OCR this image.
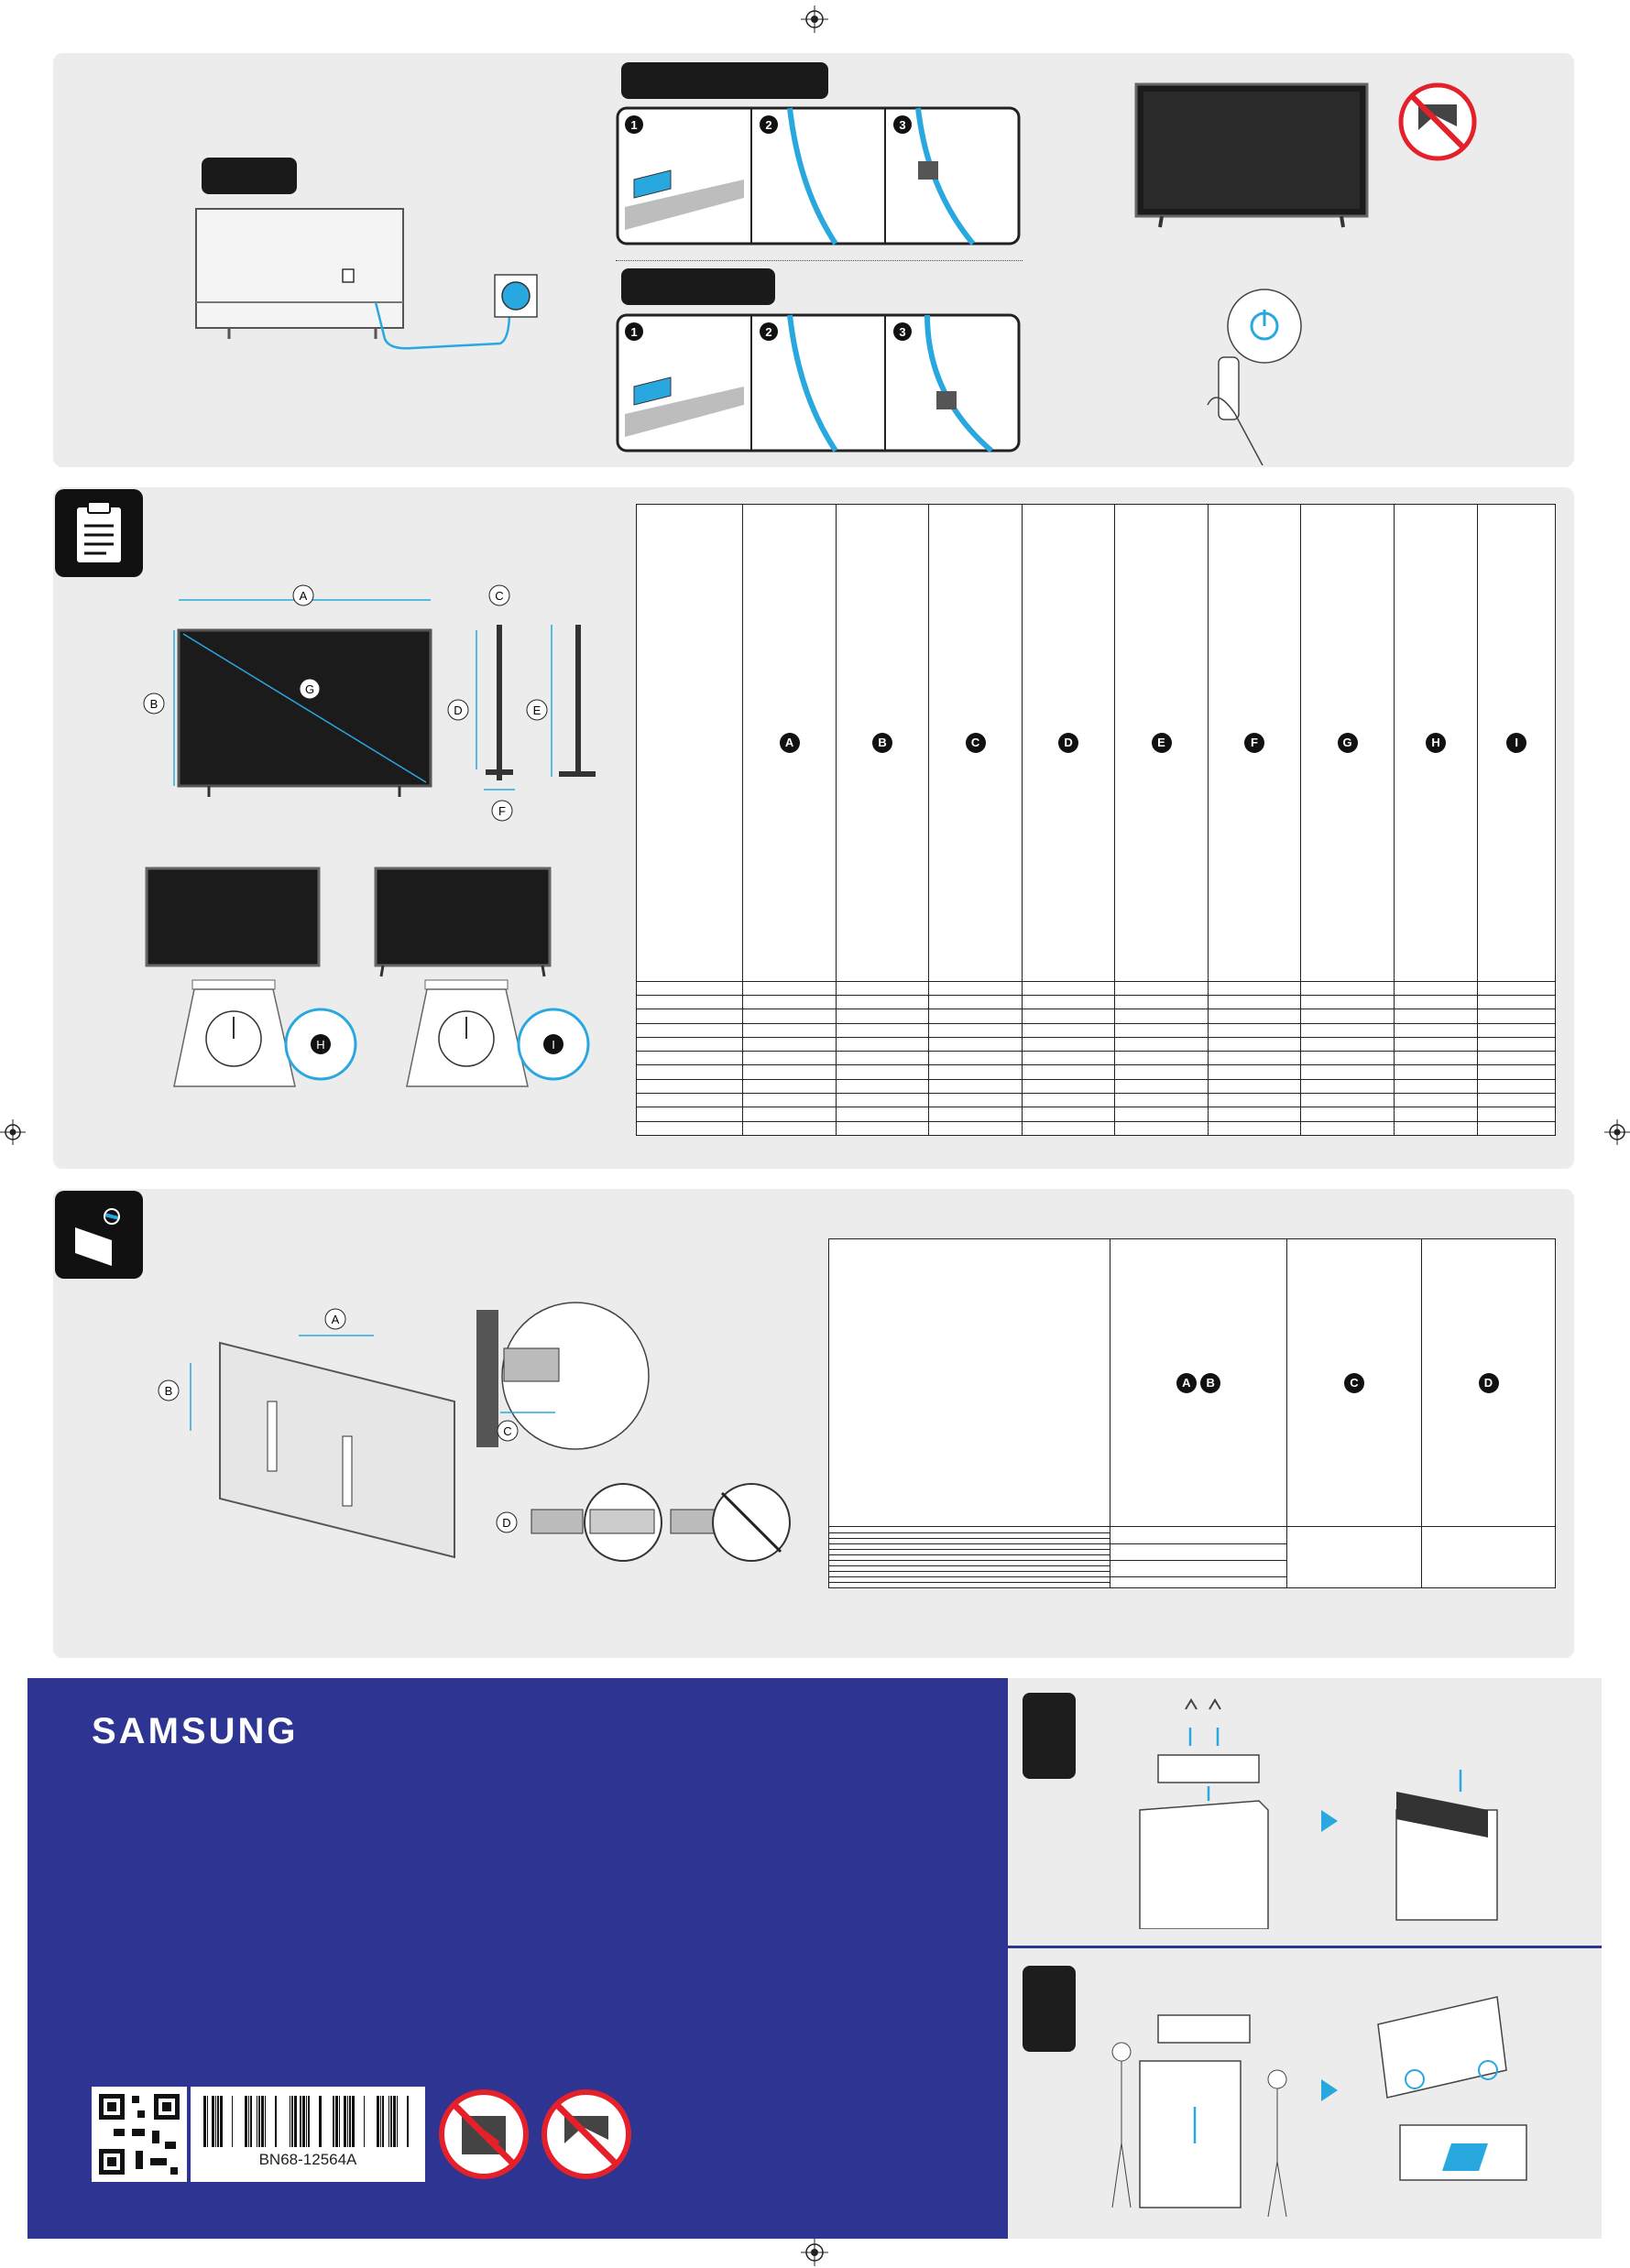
1	2	3
1	2	3
A
G
B	D
C
F
E
H	I
	A	B	C	D	E	F	G	H	I

A
B
C
D
	A B	C	D

SAMSUNG
BN68-12564A
